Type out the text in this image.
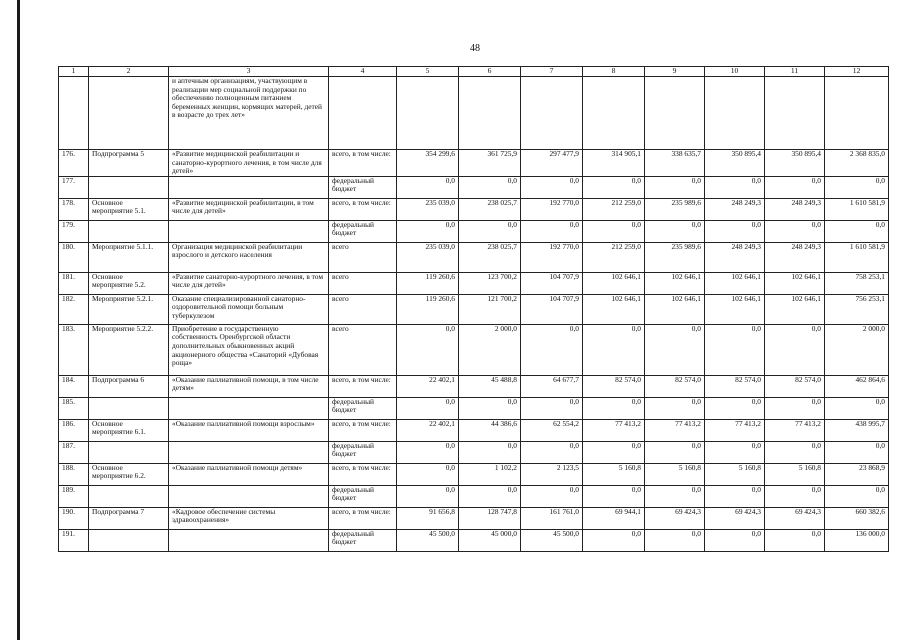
48
1	2	3	4	5	6	7	8	9	10	11	12
		и аптечным организациям, участвующим в реализации мер социальной поддержки по обеспечению полноценным питанием беременных женщин, кормящих матерей, детей в возрасте до трех лет»									
176.	Подпрограмма 5	«Развитие медицинской реабилитации и санаторно-курортного лечения, в том числе для детей»	всего, в том числе:	354 299,6	361 725,9	297 477,9	314 905,1	338 635,7	350 895,4	350 895,4	2 368 835,0
177.			федеральный бюджет	0,0	0,0	0,0	0,0	0,0	0,0	0,0	0,0
178.	Основное мероприятие 5.1.	«Развитие медицинской реабилитации, в том числе для детей»	всего, в том числе:	235 039,0	238 025,7	192 770,0	212 259,0	235 989,6	248 249,3	248 249,3	1 610 581,9
179.			федеральный бюджет	0,0	0,0	0,0	0,0	0,0	0,0	0,0	0,0
180.	Мероприятие 5.1.1.	Организация медицинской реабилитации взрослого и детского населения	всего	235 039,0	238 025,7	192 770,0	212 259,0	235 989,6	248 249,3	248 249,3	1 610 581,9
181.	Основное мероприятие 5.2.	«Развитие санаторно-курортного лечения, в том числе для детей»	всего	119 260,6	123 700,2	104 707,9	102 646,1	102 646,1	102 646,1	102 646,1	758 253,1
182.	Мероприятие 5.2.1.	Оказание специализированной санаторно-оздоровительной помощи больным туберкулезом	всего	119 260,6	121 700,2	104 707,9	102 646,1	102 646,1	102 646,1	102 646,1	756 253,1
183.	Мероприятие 5.2.2.	Приобретение в государственную собственность Оренбургской области дополнительных обыкновенных акций акционерного общества «Санаторий «Дубовая роща»	всего	0,0	2 000,0	0,0	0,0	0,0	0,0	0,0	2 000,0
184.	Подпрограмма 6	«Оказание паллиативной помощи, в том числе детям»	всего, в том числе:	22 402,1	45 488,8	64 677,7	82 574,0	82 574,0	82 574,0	82 574,0	462 864,6
185.			федеральный бюджет	0,0	0,0	0,0	0,0	0,0	0,0	0,0	0,0
186.	Основное мероприятие 6.1.	«Оказание паллиативной помощи взрослым»	всего, в том числе:	22 402,1	44 386,6	62 554,2	77 413,2	77 413,2	77 413,2	77 413,2	438 995,7
187.			федеральный бюджет	0,0	0,0	0,0	0,0	0,0	0,0	0,0	0,0
188.	Основное мероприятие 6.2.	«Оказание паллиативной помощи детям»	всего, в том числе:	0,0	1 102,2	2 123,5	5 160,8	5 160,8	5 160,8	5 160,8	23 868,9
189.			федеральный бюджет	0,0	0,0	0,0	0,0	0,0	0,0	0,0	0,0
190.	Подпрограмма 7	«Кадровое обеспечение системы здравоохранения»	всего, в том числе:	91 656,8	128 747,8	161 761,0	69 944,1	69 424,3	69 424,3	69 424,3	660 382,6
191.			федеральный бюджет	45 500,0	45 000,0	45 500,0	0,0	0,0	0,0	0,0	136 000,0
